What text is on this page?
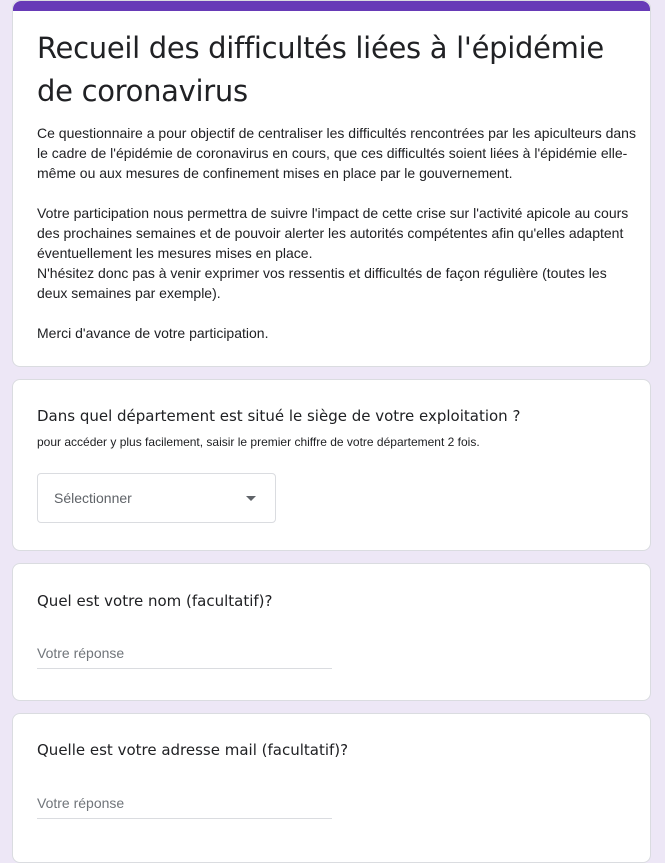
Recueil des difficultés liées à l'épidémie de coronavirus

Ce questionnaire a pour objectif de centraliser les difficultés rencontrées par les apiculteurs dans le cadre de l'épidémie de coronavirus en cours, que ces difficultés soient liées à l'épidémie elle-même ou aux mesures de confinement mises en place par le gouvernement.

Votre participation nous permettra de suivre l'impact de cette crise sur l'activité apicole au cours des prochaines semaines et de pouvoir alerter les autorités compétentes afin qu'elles adaptent éventuellement les mesures mises en place.
N'hésitez donc pas à venir exprimer vos ressentis et difficultés de façon régulière (toutes les deux semaines par exemple).

Merci d'avance de votre participation.

Dans quel département est situé le siège de votre exploitation ?
pour accéder y plus facilement, saisir le premier chiffre de votre département 2 fois.
Sélectionner
Quel est votre nom (facultatif)?
Votre réponse
Quelle est votre adresse mail (facultatif)?
Votre réponse
